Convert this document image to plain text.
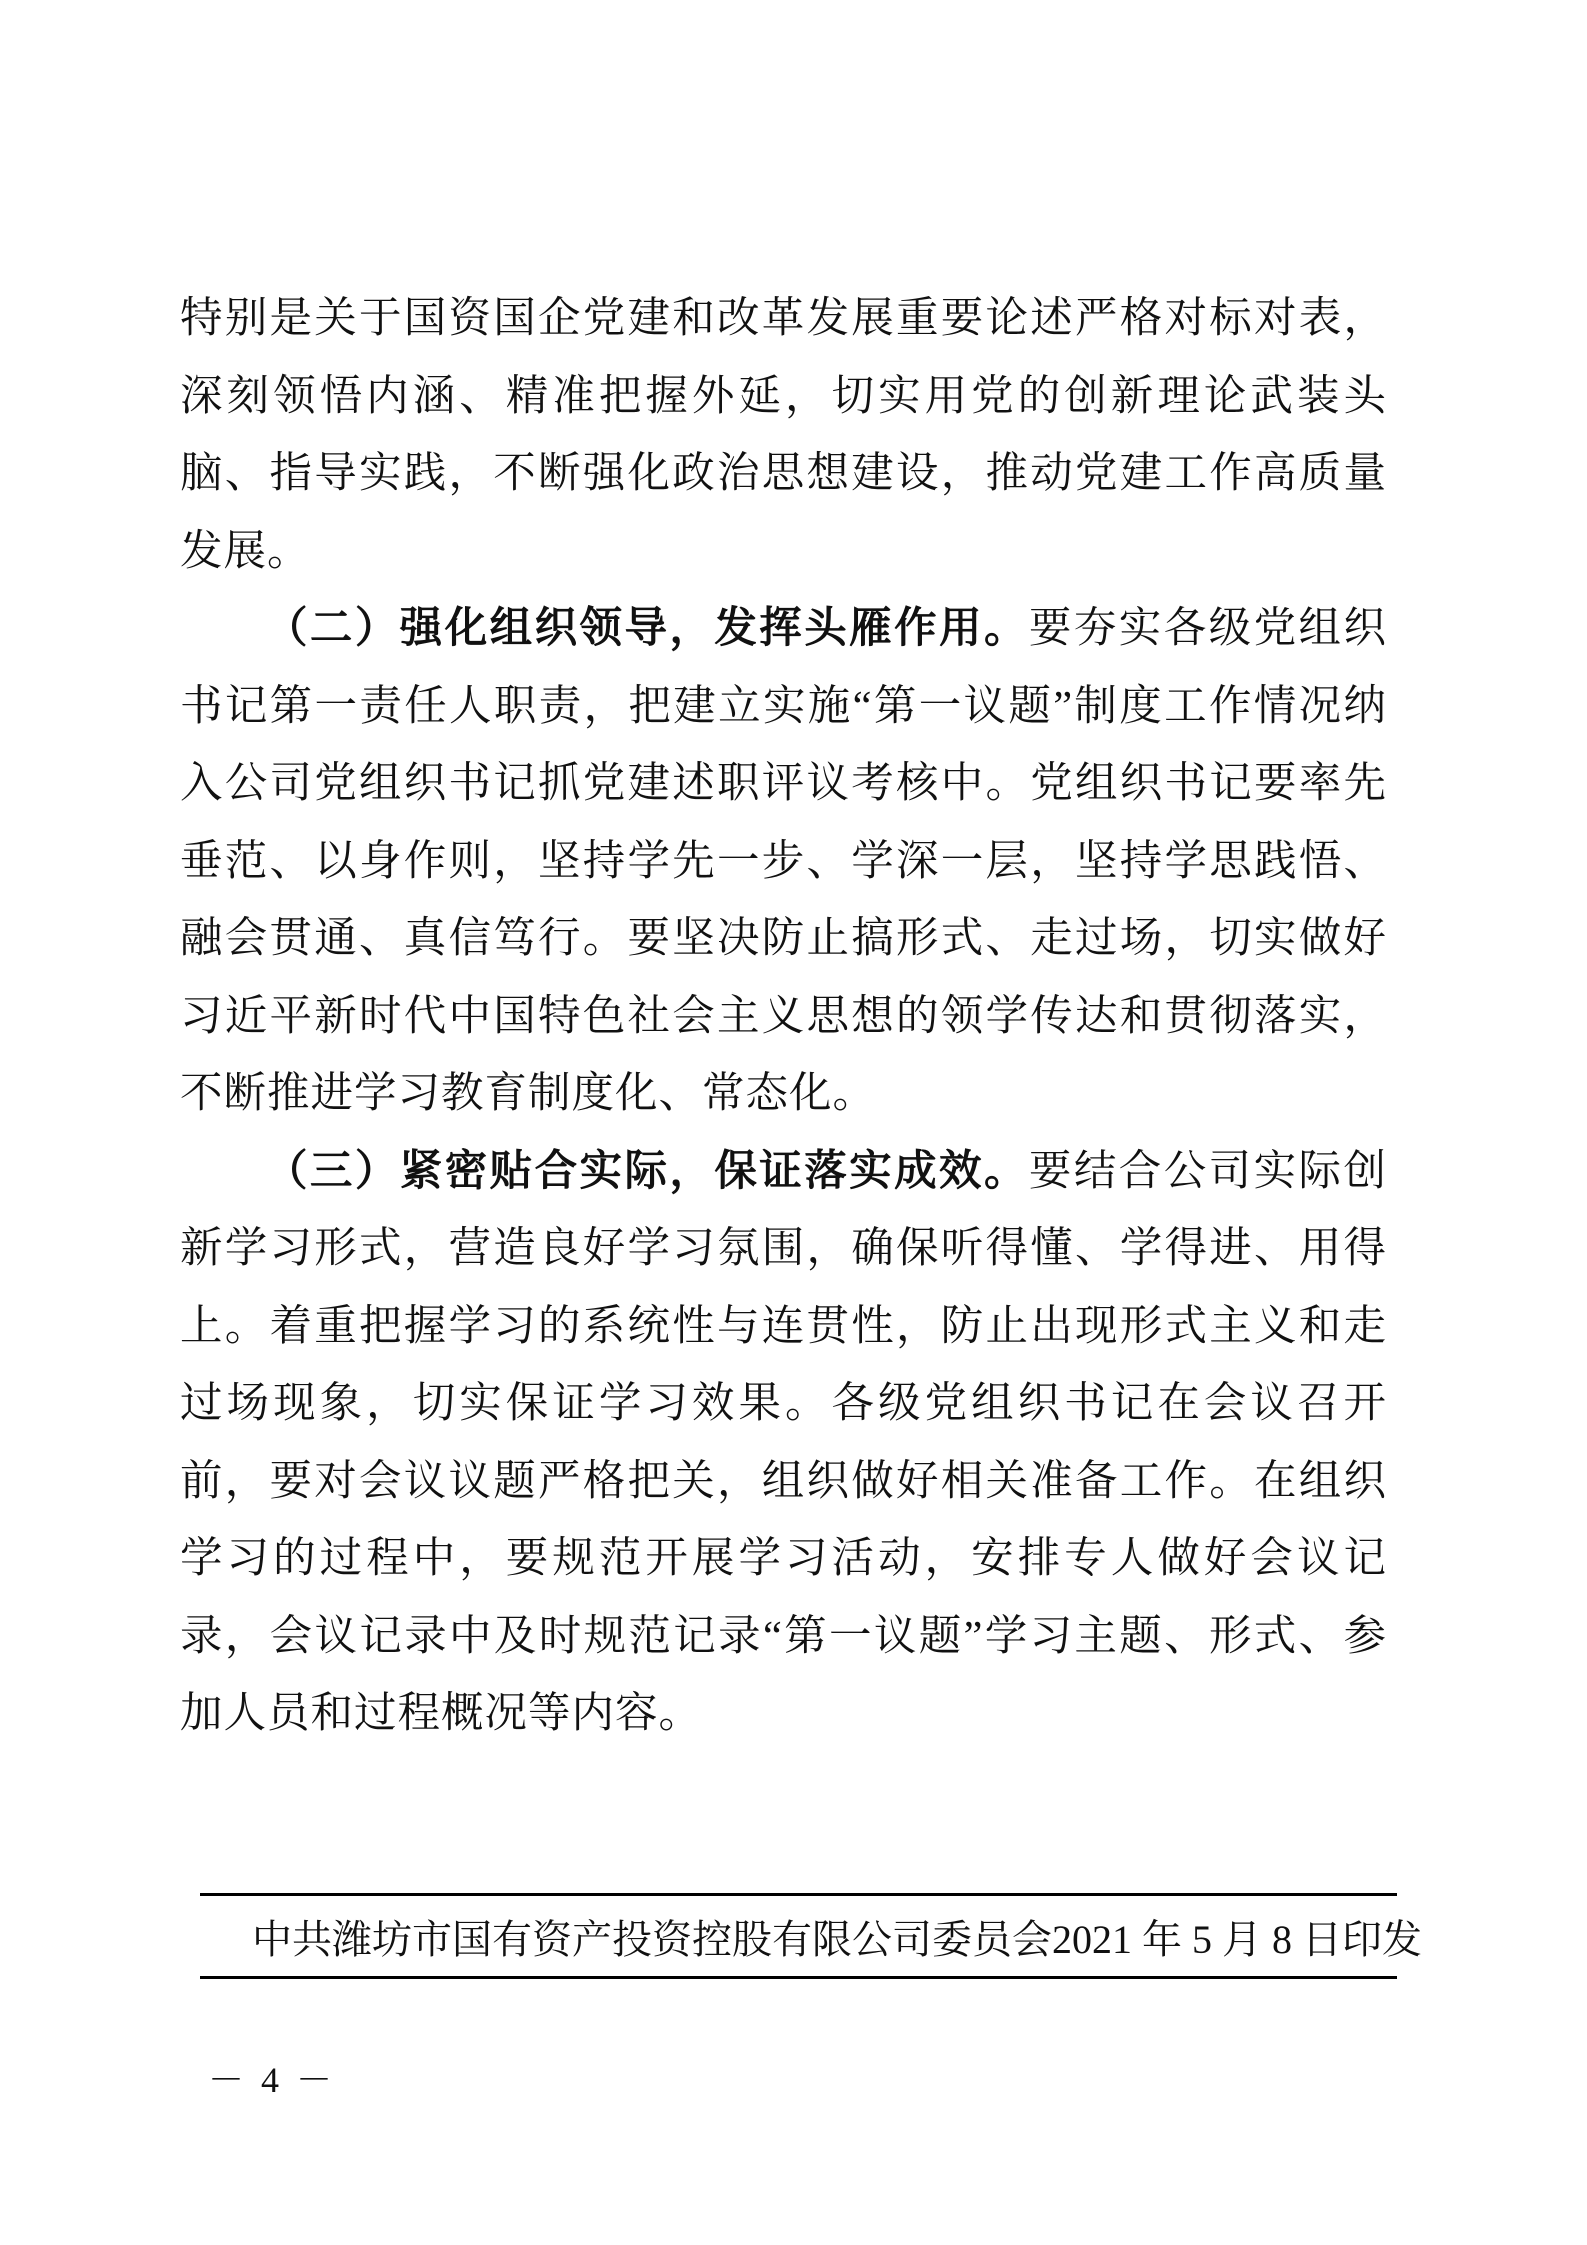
特别是关于国资国企党建和改革发展重要论述严格对标对表，深刻领悟内涵、精准把握外延，切实用党的创新理论武装头脑、指导实践，不断强化政治思想建设，推动党建工作高质量发展。

（二）强化组织领导，发挥头雁作用。要夯实各级党组织书记第一责任人职责，把建立实施“第一议题”制度工作情况纳入公司党组织书记抓党建述职评议考核中。党组织书记要率先垂范、以身作则，坚持学先一步、学深一层，坚持学思践悟、融会贯通、真信笃行。要坚决防止搞形式、走过场，切实做好习近平新时代中国特色社会主义思想的领学传达和贯彻落实，不断推进学习教育制度化、常态化。

（三）紧密贴合实际，保证落实成效。要结合公司实际创新学习形式，营造良好学习氛围，确保听得懂、学得进、用得上。着重把握学习的系统性与连贯性，防止出现形式主义和走过场现象，切实保证学习效果。各级党组织书记在会议召开前，要对会议议题严格把关，组织做好相关准备工作。在组织学习的过程中，要规范开展学习活动，安排专人做好会议记录，会议记录中及时规范记录“第一议题”学习主题、形式、参加人员和过程概况等内容。

中共潍坊市国有资产投资控股有限公司委员会 2021 年 5 月 8 日印发
－ 4 －
